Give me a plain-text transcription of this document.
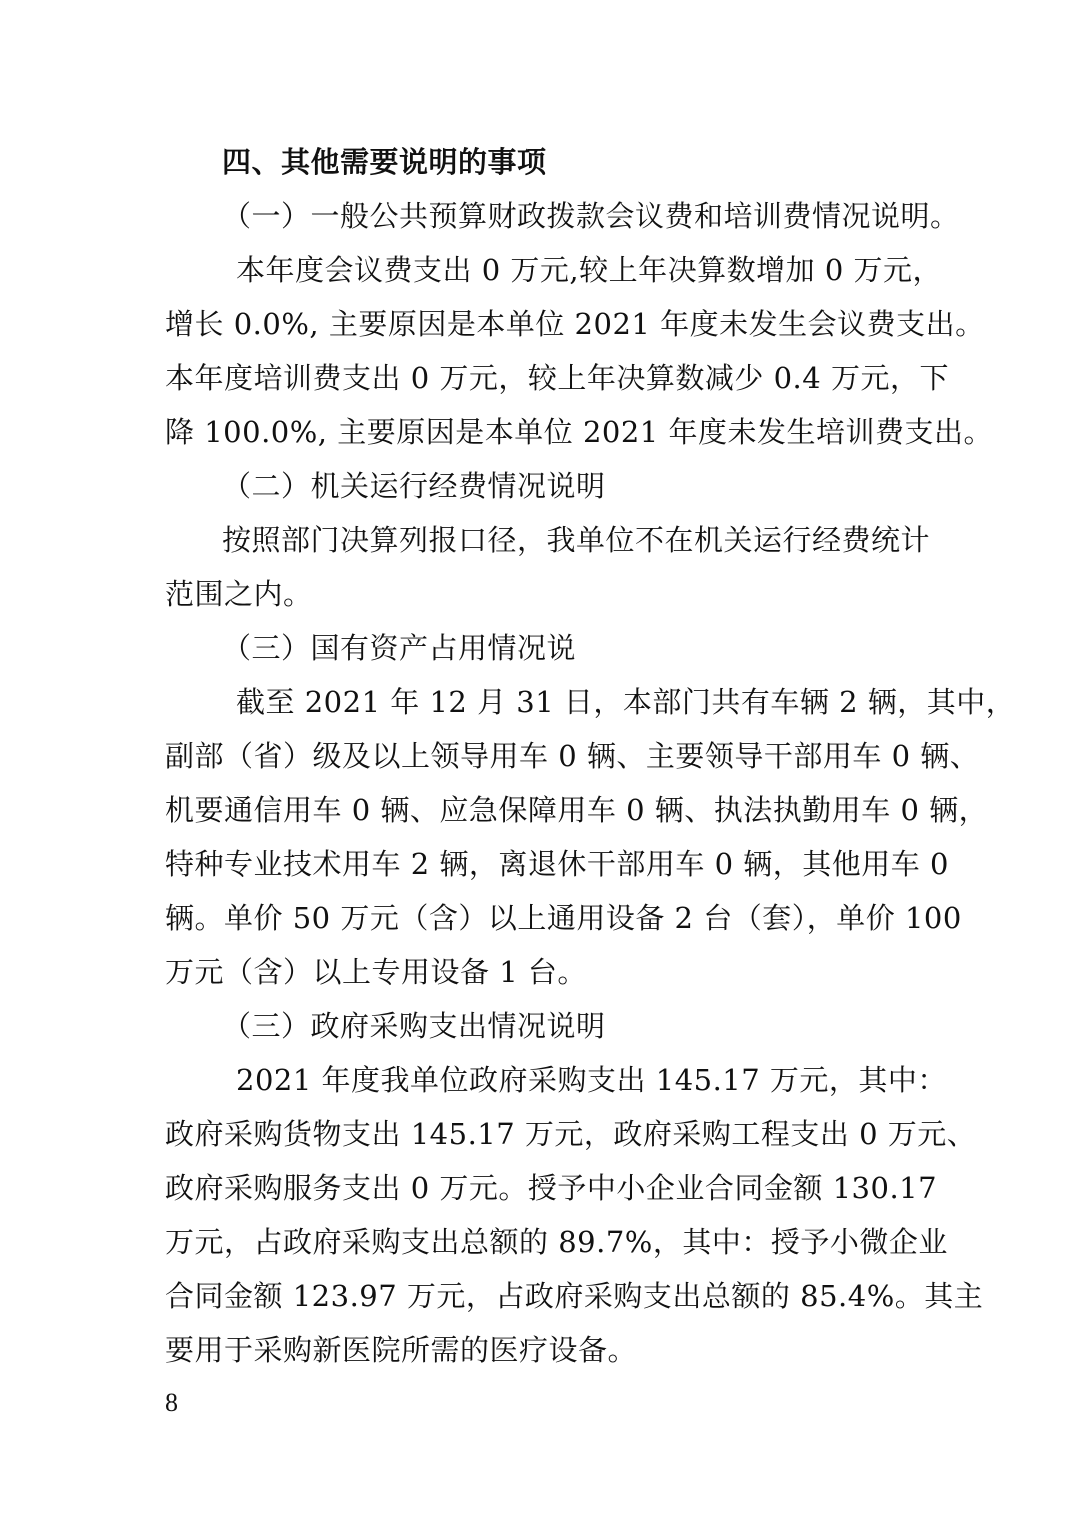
四、其他需要说明的事项
（一）一般公共预算财政拨款会议费和培训费情况说明。
本年度会议费支出 0 万元,较上年决算数增加 0 万元，
增长 0.0%, 主要原因是本单位 2021 年度未发生会议费支出。
本年度培训费支出 0 万元，较上年决算数减少 0.4 万元，下
降 100.0%, 主要原因是本单位 2021 年度未发生培训费支出。
（二）机关运行经费情况说明
按照部门决算列报口径，我单位不在机关运行经费统计
范围之内。
（三）国有资产占用情况说
截至 2021 年 12 月 31 日，本部门共有车辆 2 辆，其中，
副部（省）级及以上领导用车 0 辆、主要领导干部用车 0 辆、
机要通信用车 0 辆、应急保障用车 0 辆、执法执勤用车 0 辆，
特种专业技术用车 2 辆，离退休干部用车 0 辆，其他用车 0
辆。单价 50 万元（含）以上通用设备 2 台（套），单价 100
万元（含）以上专用设备 1 台。
（三）政府采购支出情况说明
2021 年度我单位政府采购支出 145.17 万元，其中：
政府采购货物支出 145.17 万元，政府采购工程支出 0 万元、
政府采购服务支出 0 万元。授予中小企业合同金额 130.17
万元，占政府采购支出总额的 89.7%，其中：授予小微企业
合同金额 123.97 万元，占政府采购支出总额的 85.4%。其主
要用于采购新医院所需的医疗设备。
8
